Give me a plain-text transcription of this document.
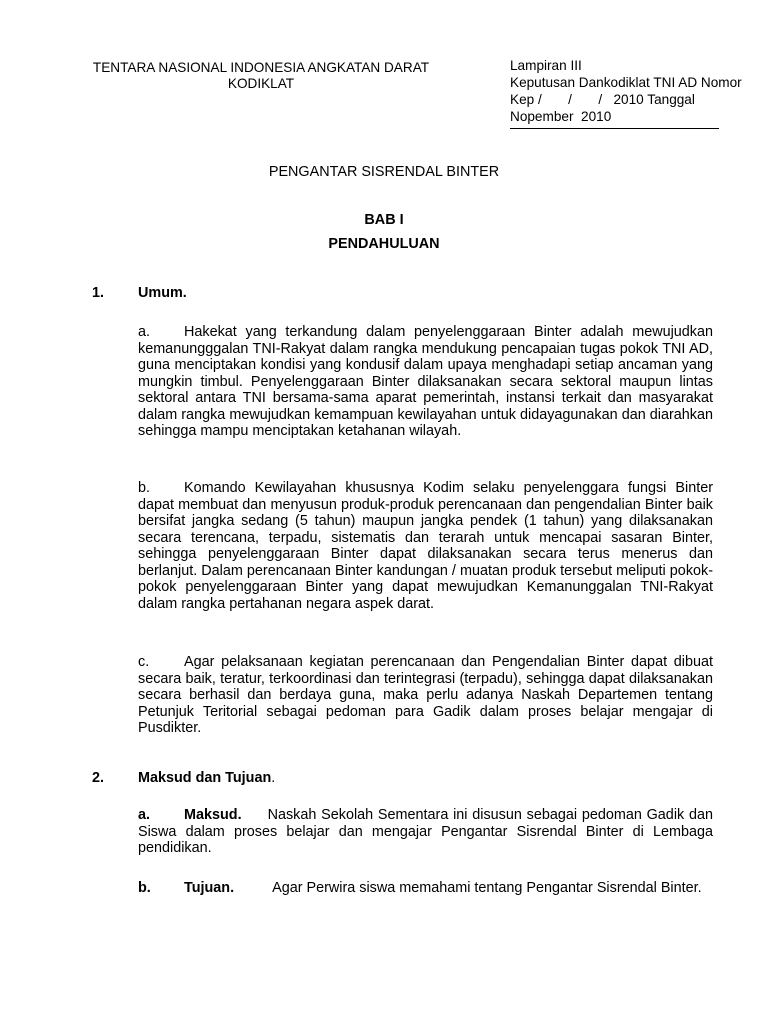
TENTARA NASIONAL INDONESIA ANGKATAN DARAT
KODIKLAT
Lampiran III
Keputusan Dankodiklat TNI AD Nomor
Kep /       /       /   2010 Tanggal
Nopember  2010
PENGANTAR SISRENDAL BINTER
BAB I
PENDAHULUAN
1. Umum.
a. Hakekat yang terkandung dalam penyelenggaraan Binter adalah mewujudkan kemanungggalan TNI-Rakyat dalam rangka mendukung pencapaian tugas pokok TNI AD, guna menciptakan kondisi yang kondusif dalam upaya menghadapi setiap ancaman yang mungkin timbul. Penyelenggaraan Binter dilaksanakan secara sektoral maupun lintas sektoral antara TNI bersama-sama aparat pemerintah, instansi terkait dan masyarakat dalam rangka mewujudkan kemampuan kewilayahan untuk didayagunakan dan diarahkan sehingga mampu menciptakan ketahanan wilayah.
b. Komando Kewilayahan khususnya Kodim selaku penyelenggara fungsi Binter dapat membuat dan menyusun produk-produk perencanaan dan pengendalian Binter baik bersifat jangka sedang (5 tahun) maupun jangka pendek (1 tahun) yang dilaksanakan secara terencana, terpadu, sistematis dan terarah untuk mencapai sasaran Binter, sehingga penyelenggaraan Binter dapat dilaksanakan secara terus menerus dan berlanjut. Dalam perencanaan Binter kandungan / muatan produk tersebut meliputi pokok-pokok penyelenggaraan Binter yang dapat mewujudkan Kemanunggalan TNI-Rakyat dalam rangka pertahanan negara aspek darat.
c. Agar pelaksanaan kegiatan perencanaan dan Pengendalian Binter dapat dibuat secara baik, teratur, terkoordinasi dan terintegrasi (terpadu), sehingga dapat dilaksanakan secara berhasil dan berdaya guna, maka perlu adanya Naskah Departemen tentang Petunjuk Teritorial sebagai pedoman para Gadik dalam proses belajar mengajar di Pusdikter.
2. Maksud dan Tujuan.
a. Maksud. Naskah Sekolah Sementara ini disusun sebagai pedoman Gadik dan Siswa dalam proses belajar dan mengajar Pengantar Sisrendal Binter di Lembaga pendidikan.
b. Tujuan.	Agar Perwira siswa memahami tentang Pengantar Sisrendal Binter.
